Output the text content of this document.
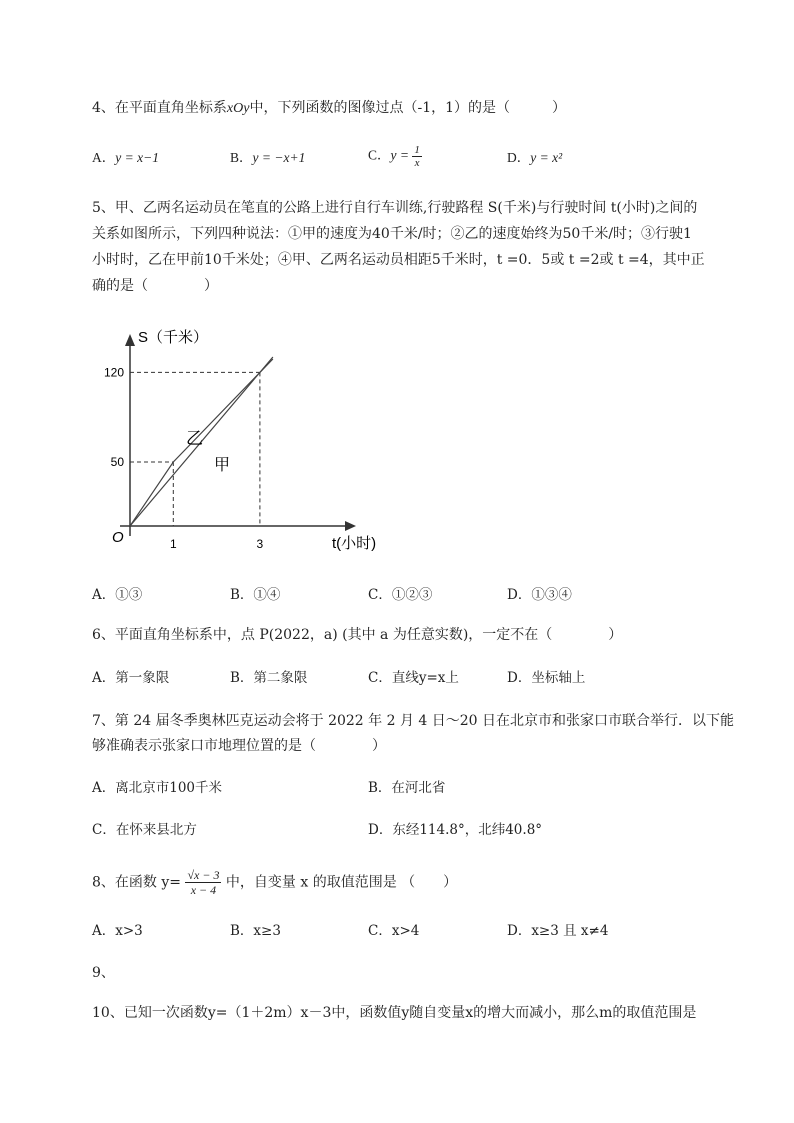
4、在平面直角坐标系xOy中，下列函数的图像过点（-1，1）的是（　　　）
A．y = x−1	B．y = −x+1	C．$y = \frac{1}{x}$	D．y = x²
5、甲、乙两名运动员在笔直的公路上进行自行车训练,行驶路程 S(千米)与行驶时间 t(小时)之间的
关系如图所示，下列四种说法：①甲的速度为40千米/时；②乙的速度始终为50千米/时；③行驶1
小时时，乙在甲前10千米处；④甲、乙两名运动员相距5千米时，t =0．5或 t =2或 t =4，其中正
确的是（　　　　）
S（千米）
t(小时)
O	1	3
50
120
乙
甲
A．①③	B．①④	C．①②③	D．①③④
6、平面直角坐标系中，点 P(2022，a) (其中 a 为任意实数)，一定不在（　　　　）
A．第一象限	B．第二象限	C．直线y=x上	D．坐标轴上
7、第 24 届冬季奥林匹克运动会将于 2022 年 2 月 4 日～20 日在北京市和张家口市联合举行．以下能
够准确表示张家口市地理位置的是（　　　　）
A．离北京市100千米	B．在河北省
C．在怀来县北方	D．东经114.8°，北纬40.8°
8、在函数 $y= \frac{√x - 3}{x - 4}$ 中，自变量 x 的取值范围是 （　　）
A．x>3	B．x≥3	C．x>4	D．x≥3 且 x≠4
9、
10、已知一次函数y=（1＋2m）x－3中，函数值y随自变量x的增大而减小，那么m的取值范围是
